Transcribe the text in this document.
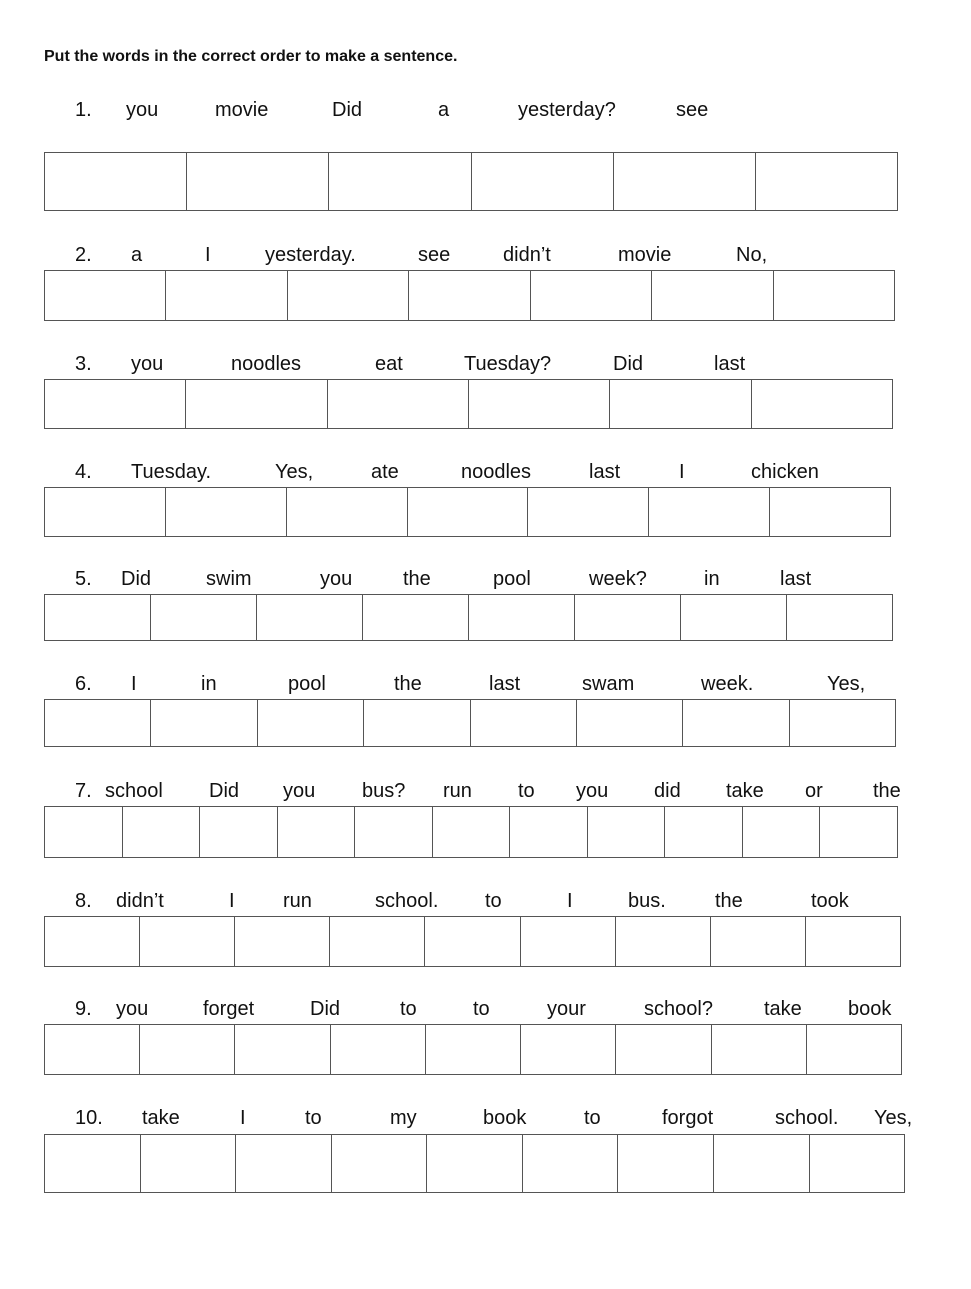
Put the words in the correct order to make a sentence.

1. you	movie	Did	a	yesterday?	see
2. a	I	yesterday.	see	didn’t	movie	No,
3. you	noodles	eat	Tuesday?	Did	last
4. Tuesday.	Yes,	ate	noodles	last	I	chicken
5. Did	swim	you	the	pool	week?	in	last
6. I	in	pool	the	last	swam	week.	Yes,
7. school Did you bus? run to you did take or	the
8. didn’t	I run	school. to	I	bus. the	took
9. you	forget	Did	to	to	your	school?	take book
10. take	I	to	my	book	to	forgot	school. Yes,
